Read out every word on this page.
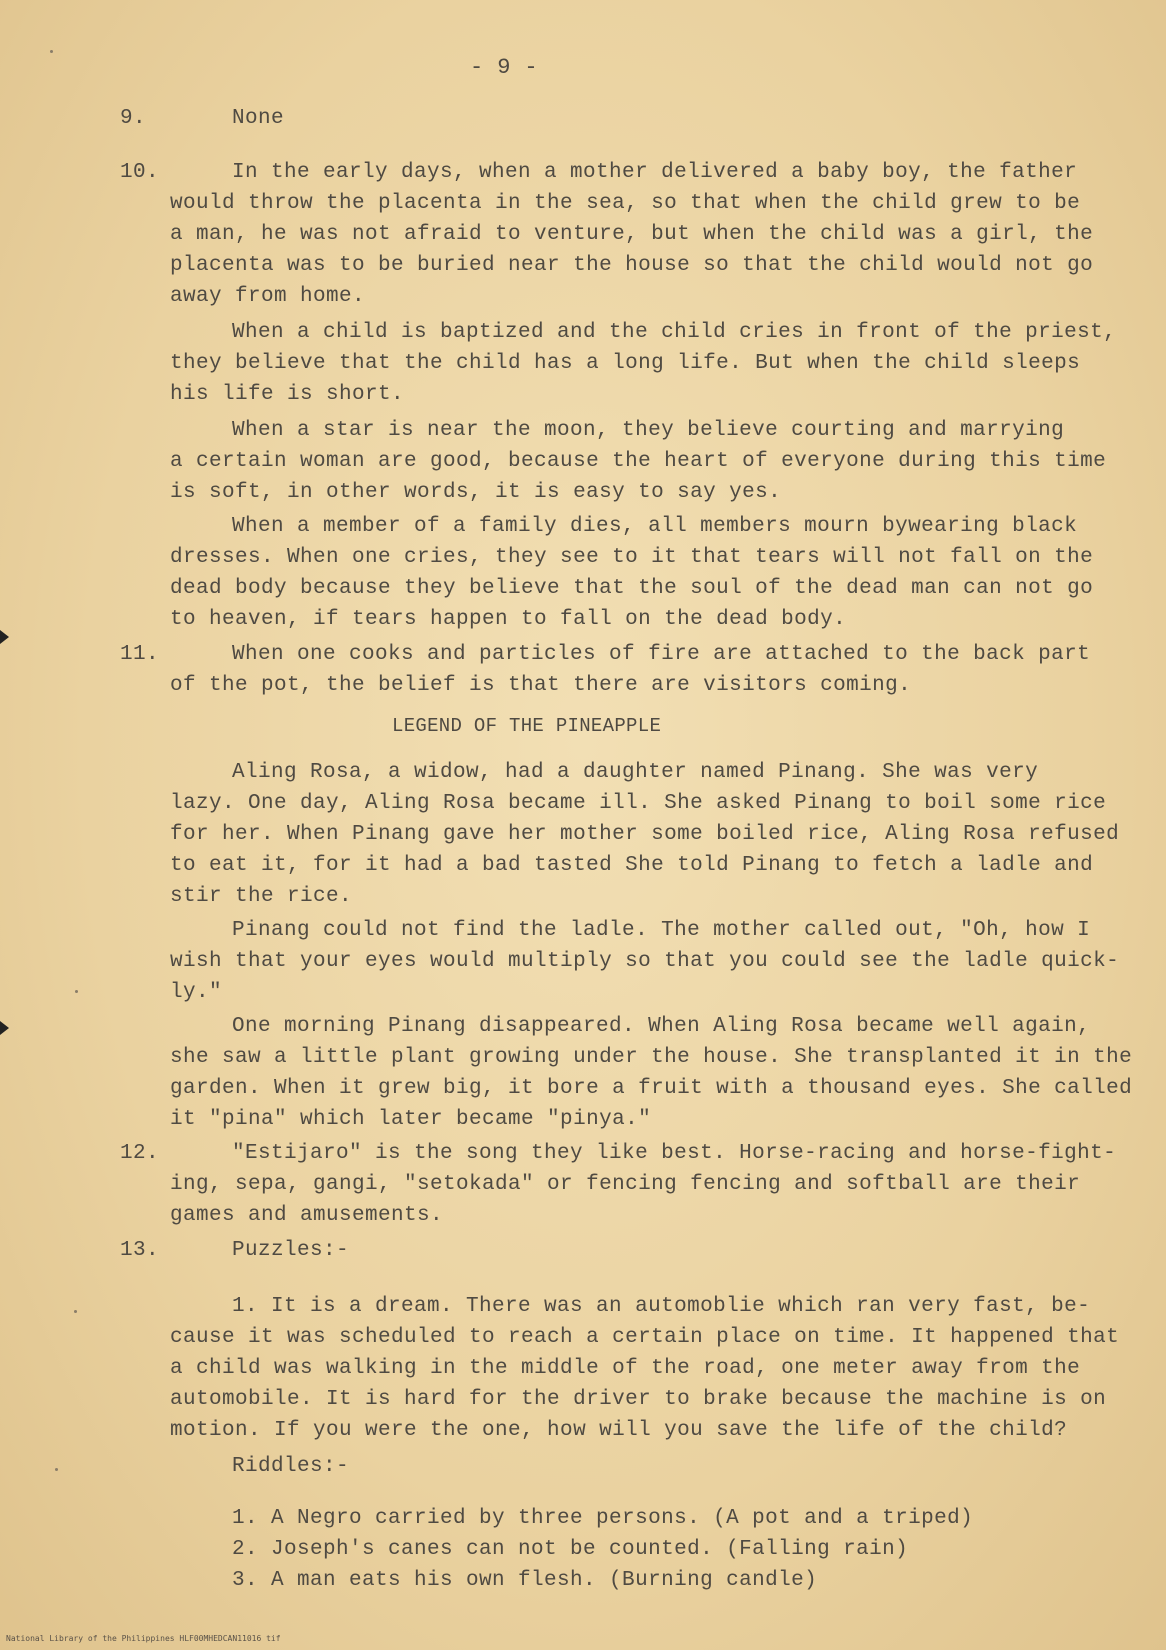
- 9 -
9.	None

10.	In the early days, when a mother delivered a baby boy, the father

would throw the placenta in the sea, so that when the child grew to be

a man, he was not afraid to venture, but when the child was a girl, the

placenta was to be buried near the house so that the child would not go

away from home.

When a child is baptized and the child cries in front of the priest,

they believe that the child has a long life. But when the child sleeps

his life is short.

When a star is near the moon, they believe courting and marrying

a certain woman are good, because the heart of everyone during this time

is soft, in other words, it is easy to say yes.

When a member of a family dies, all members mourn bywearing black

dresses. When one cries, they see to it that tears will not fall on the

dead body because they believe that the soul of the dead man can not go

to heaven, if tears happen to fall on the dead body.

11.	When one cooks and particles of fire are attached to the back part

of the pot, the belief is that there are visitors coming.

LEGEND OF THE PINEAPPLE

Aling Rosa, a widow, had a daughter named Pinang. She was very

lazy. One day, Aling Rosa became ill. She asked Pinang to boil some rice

for her. When Pinang gave her mother some boiled rice, Aling Rosa refused

to eat it, for it had a bad tasted She told Pinang to fetch a ladle and

stir the rice.

Pinang could not find the ladle. The mother called out, "Oh, how I

wish that your eyes would multiply so that you could see the ladle quick-

ly."

One morning Pinang disappeared. When Aling Rosa became well again,

she saw a little plant growing under the house. She transplanted it in the

garden. When it grew big, it bore a fruit with a thousand eyes. She called

it "pina" which later became "pinya."

12.	"Estijaro" is the song they like best. Horse-racing and horse-fight-

ing, sepa, gangi, "setokada" or fencing fencing and softball are their

games and amusements.

13.	Puzzles:-

1. It is a dream. There was an automoblie which ran very fast, be-

cause it was scheduled to reach a certain place on time. It happened that

a child was walking in the middle of the road, one meter away from the

automobile. It is hard for the driver to brake because the machine is on

motion. If you were the one, how will you save the life of the child?

Riddles:-

1. A Negro carried by three persons. (A pot and a triped)

2. Joseph's canes can not be counted. (Falling rain)

3. A man eats his own flesh. (Burning candle)

National Library of the Philippines HLF00MHEDCAN11016 tif
